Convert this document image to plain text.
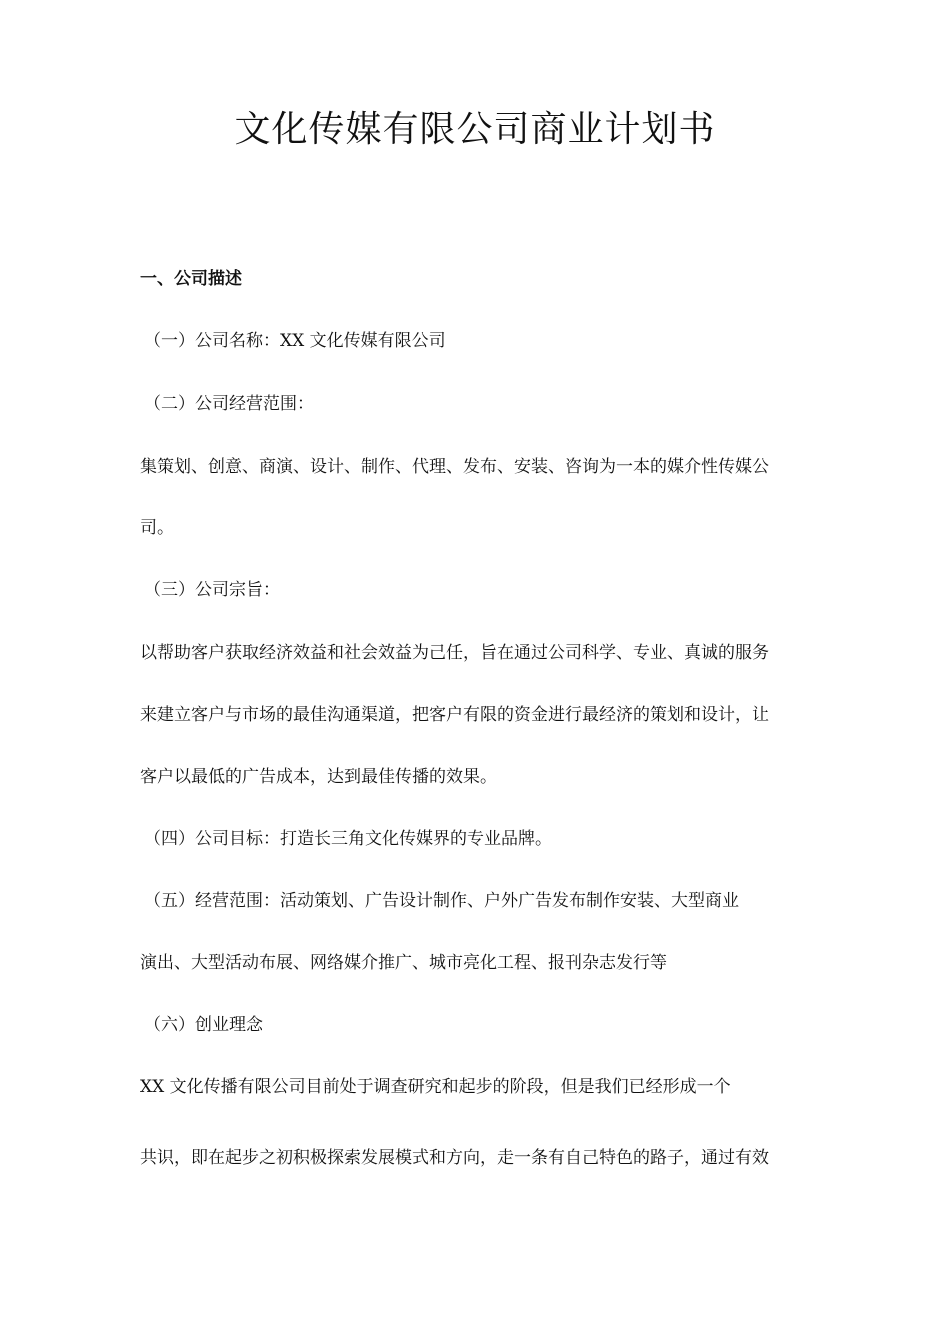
文化传媒有限公司商业计划书
一、公司描述
（一）公司名称：XX 文化传媒有限公司
（二）公司经营范围：
集策划、创意、商演、设计、制作、代理、发布、安装、咨询为一本的媒介性传媒公
司。
（三）公司宗旨：
以帮助客户获取经济效益和社会效益为己任，旨在通过公司科学、专业、真诚的服务
来建立客户与市场的最佳沟通渠道，把客户有限的资金进行最经济的策划和设计，让
客户以最低的广告成本，达到最佳传播的效果。
（四）公司目标：打造长三角文化传媒界的专业品牌。
（五）经营范围：活动策划、广告设计制作、户外广告发布制作安装、大型商业
演出、大型活动布展、网络媒介推广、城市亮化工程、报刊杂志发行等
（六）创业理念
XX 文化传播有限公司目前处于调查研究和起步的阶段，但是我们已经形成一个
共识，即在起步之初积极探索发展模式和方向，走一条有自己特色的路子，通过有效
